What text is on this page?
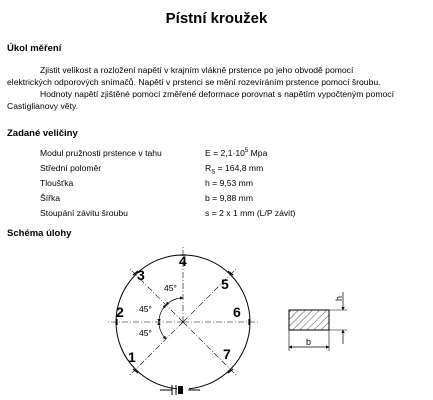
Pístní kroužek
Úkol měření
Zjistit velikost a rozložení napětí v krajním vlákně prstence po jeho obvodě pomocí
elektrických odporových snímačů. Napětí v prstenci se mění rozevíráním prstence pomocí šroubu.
Hodnoty napětí zjištěné pomocí změřené deformace porovnat s napětím vypočteným pomocí
Castiglianovy věty.
Zadané veličiny
Modul pružnosti prstence v tahu	$E = 2,1\cdot 10^5$ Mpa
Střední poloměr	$R_S = 164,8$ mm
Tloušťka	h = 9,53 mm
Šířka	b = 9,88 mm
Stoupání závitu šroubu	s = 2 x 1 mm (L/P závit)
Schéma úlohy
45°
45°
45°
1
2
3
4
5
6
7
h
b
